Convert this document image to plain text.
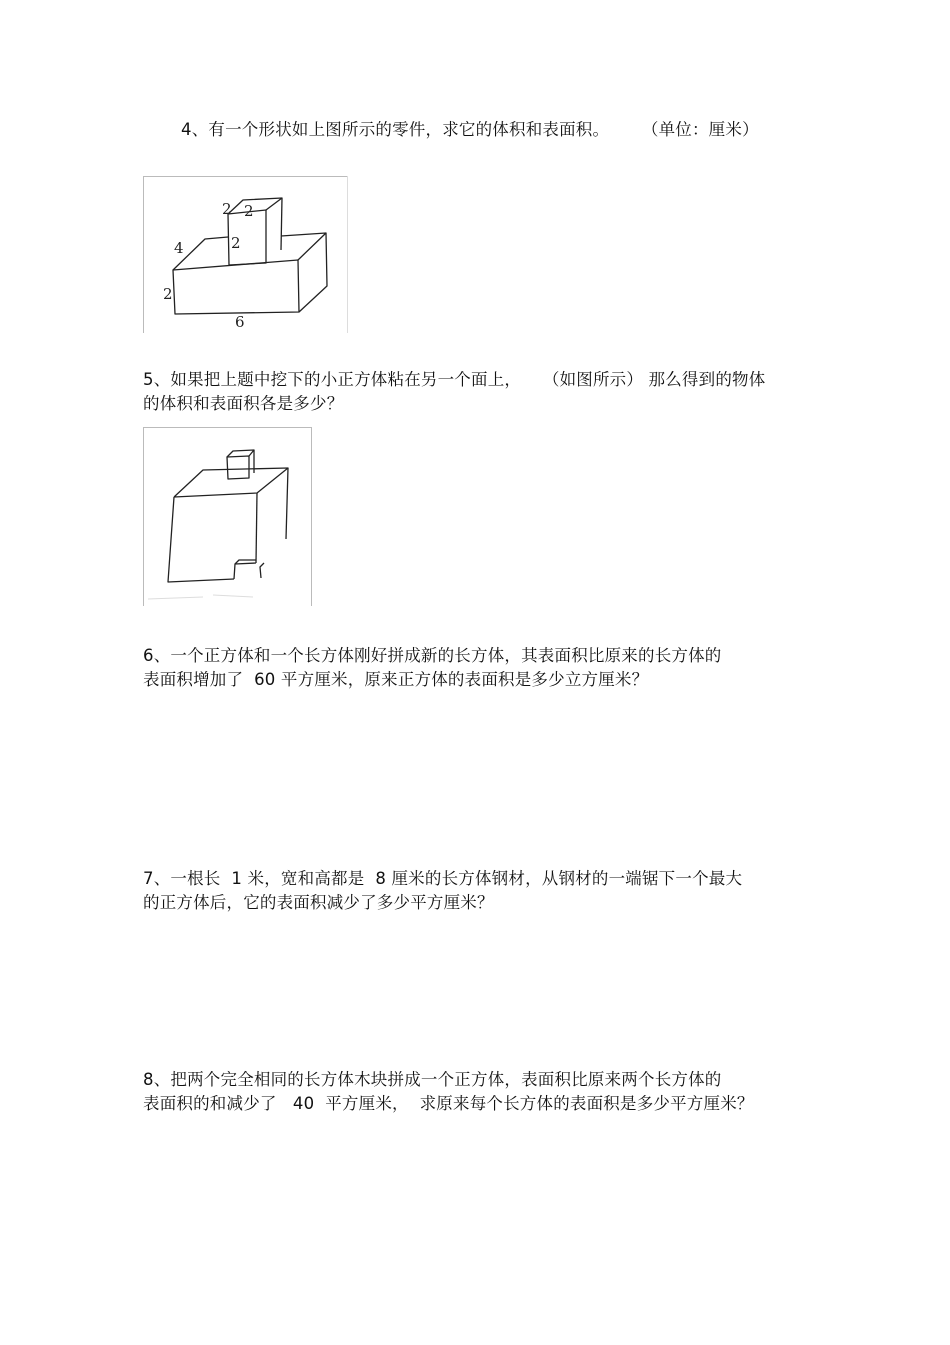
4、有一个形状如上图所示的零件，求它的体积和表面积。      （单位：厘米）
2 2
2
4
2
6
5、如果把上题中挖下的小正方体粘在另一个面上，    （如图所示） 那么得到的物体
的体积和表面积各是多少？
6、一个正方体和一个长方体刚好拼成新的长方体，其表面积比原来的长方体的
表面积增加了  60 平方厘米，原来正方体的表面积是多少立方厘米？
7、一根长  1 米，宽和高都是  8 厘米的长方体钢材，从钢材的一端锯下一个最大
的正方体后，它的表面积减少了多少平方厘米？
8、把两个完全相同的长方体木块拼成一个正方体，表面积比原来两个长方体的
表面积的和减少了   40  平方厘米，  求原来每个长方体的表面积是多少平方厘米？
